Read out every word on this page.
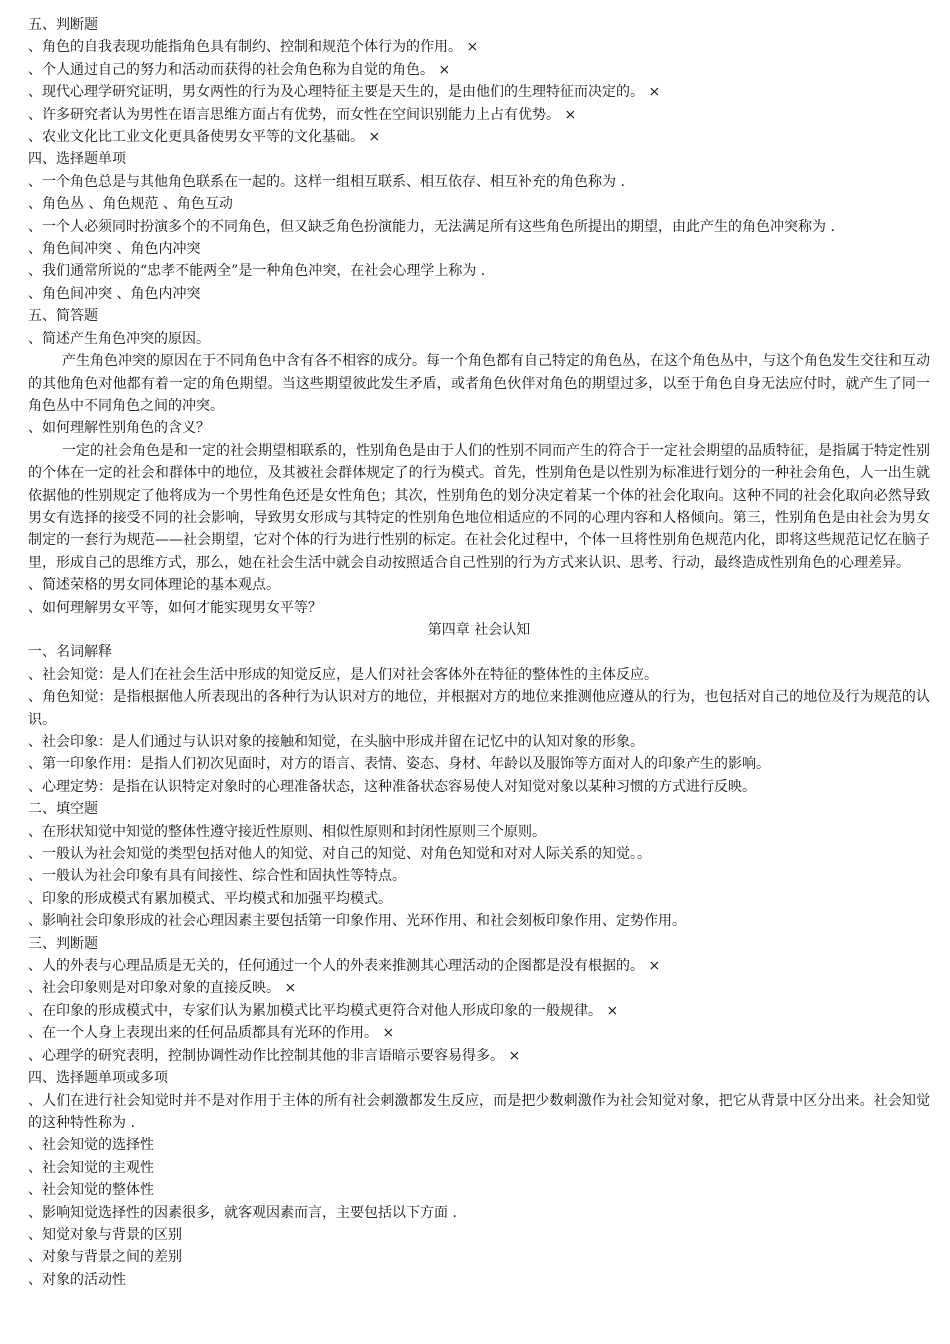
五、判断题
、角色的自我表现功能指角色具有制约、控制和规范个体行为的作用。 ×
、个人通过自己的努力和活动而获得的社会角色称为自觉的角色。 ×
、现代心理学研究证明，男女两性的行为及心理特征主要是天生的，是由他们的生理特征而决定的。 ×
、许多研究者认为男性在语言思维方面占有优势，而女性在空间识别能力上占有优势。 ×
、农业文化比工业文化更具备使男女平等的文化基础。 ×
四、选择题单项
、一个角色总是与其他角色联系在一起的。这样一组相互联系、相互依存、相互补充的角色称为 .
、角色丛 、角色规范 、角色互动
、一个人必须同时扮演多个的不同角色，但又缺乏角色扮演能力，无法满足所有这些角色所提出的期望，由此产生的角色冲突称为 .
、角色间冲突 、角色内冲突
、我们通常所说的“忠孝不能两全”是一种角色冲突，在社会心理学上称为 .
、角色间冲突 、角色内冲突
五、简答题
、简述产生角色冲突的原因。
产生角色冲突的原因在于不同角色中含有各不相容的成分。每一个角色都有自己特定的角色丛，在这个角色丛中，与这个角色发生交往和互动的其他角色对他都有着一定的角色期望。当这些期望彼此发生矛盾，或者角色伙伴对角色的期望过多，以至于角色自身无法应付时，就产生了同一角色丛中不同角色之间的冲突。
、如何理解性别角色的含义？
一定的社会角色是和一定的社会期望相联系的，性别角色是由于人们的性别不同而产生的符合于一定社会期望的品质特征，是指属于特定性别的个体在一定的社会和群体中的地位，及其被社会群体规定了的行为模式。首先，性别角色是以性别为标准进行划分的一种社会角色，人一出生就依据他的性别规定了他将成为一个男性角色还是女性角色；其次，性别角色的划分决定着某一个体的社会化取向。这种不同的社会化取向必然导致男女有选择的接受不同的社会影响，导致男女形成与其特定的性别角色地位相适应的不同的心理内容和人格倾向。第三，性别角色是由社会为男女制定的一套行为规范——社会期望，它对个体的行为进行性别的标定。在社会化过程中，个体一旦将性别角色规范内化，即将这些规范记忆在脑子里，形成自己的思维方式，那么，她在社会生活中就会自动按照适合自己性别的行为方式来认识、思考、行动，最终造成性别角色的心理差异。
、简述荣格的男女同体理论的基本观点。
、如何理解男女平等，如何才能实现男女平等？
第四章 社会认知
一、名词解释
、社会知觉：是人们在社会生活中形成的知觉反应，是人们对社会客体外在特征的整体性的主体反应。
、角色知觉：是指根据他人所表现出的各种行为认识对方的地位，并根据对方的地位来推测他应遵从的行为，也包括对自己的地位及行为规范的认识。
、社会印象：是人们通过与认识对象的接触和知觉，在头脑中形成并留在记忆中的认知对象的形象。
、第一印象作用：是指人们初次见面时，对方的语言、表情、姿态、身材、年龄以及服饰等方面对人的印象产生的影响。
、心理定势：是指在认识特定对象时的心理准备状态，这种准备状态容易使人对知觉对象以某种习惯的方式进行反映。
二、填空题
、在形状知觉中知觉的整体性遵守接近性原则、相似性原则和封闭性原则三个原则。
、一般认为社会知觉的类型包括对他人的知觉、对自己的知觉、对角色知觉和对对人际关系的知觉。。
、一般认为社会印象有具有间接性、综合性和固执性等特点。
、印象的形成模式有累加模式、平均模式和加强平均模式。
、影响社会印象形成的社会心理因素主要包括第一印象作用、光环作用、和社会刻板印象作用、定势作用。
三、判断题
、人的外表与心理品质是无关的，任何通过一个人的外表来推测其心理活动的企图都是没有根据的。 ×
、社会印象则是对印象对象的直接反映。 ×
、在印象的形成模式中，专家们认为累加模式比平均模式更符合对他人形成印象的一般规律。 ×
、在一个人身上表现出来的任何品质都具有光环的作用。 ×
、心理学的研究表明，控制协调性动作比控制其他的非言语暗示要容易得多。 ×
四、选择题单项或多项
、人们在进行社会知觉时并不是对作用于主体的所有社会刺激都发生反应，而是把少数刺激作为社会知觉对象，把它从背景中区分出来。社会知觉的这种特性称为 .
、社会知觉的选择性
、社会知觉的主观性
、社会知觉的整体性
、影响知觉选择性的因素很多，就客观因素而言，主要包括以下方面 .
、知觉对象与背景的区别
、对象与背景之间的差别
、对象的活动性
